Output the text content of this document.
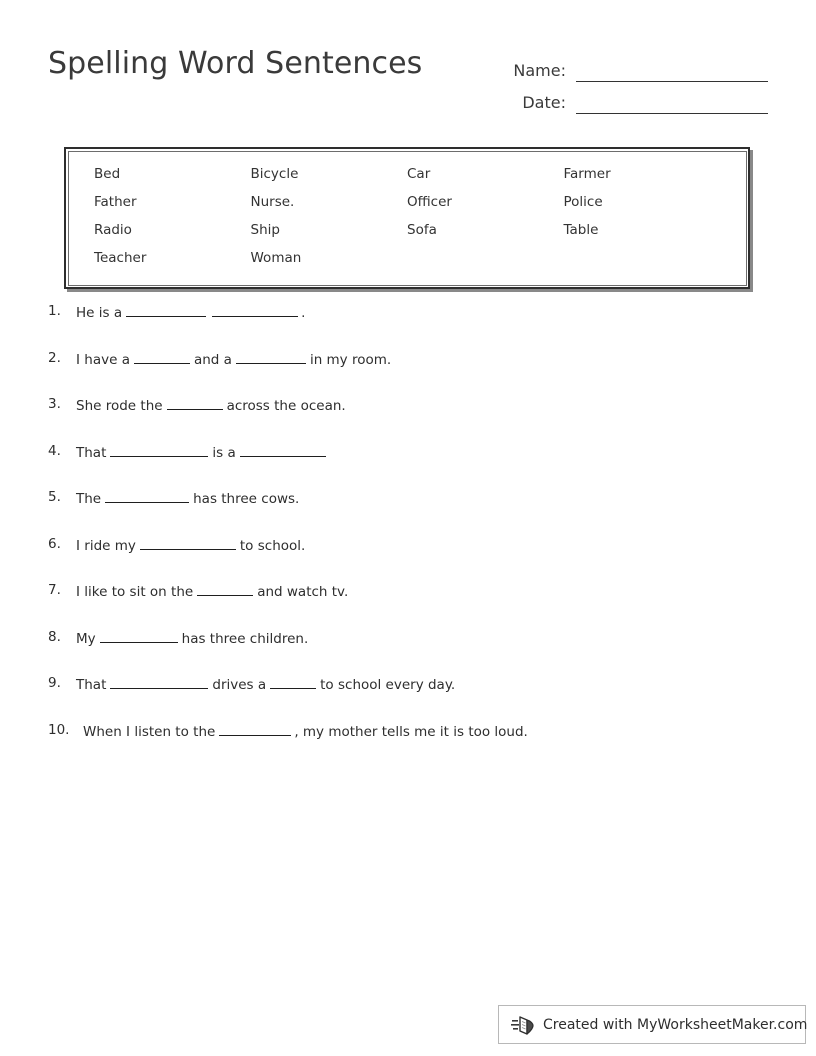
Spelling Word Sentences	Name:
Date:
Bed	Bicycle	Car	Farmer
Father	Nurse.	Officer	Police
Radio	Ship	Sofa	Table
Teacher	Woman
1.	He is a	.
2.	I have a	and a	in my room.
3.	She rode the	across the ocean.
4.	That	is a
5.	The	has three cows.
6.	I ride my	to school.
7.	I like to sit on the	and watch tv.
8.	My	has three children.
9.	That	drives a	to school every day.
10.	When I listen to the	, my mother tells me it is too loud.
Created with MyWorksheetMaker.com
